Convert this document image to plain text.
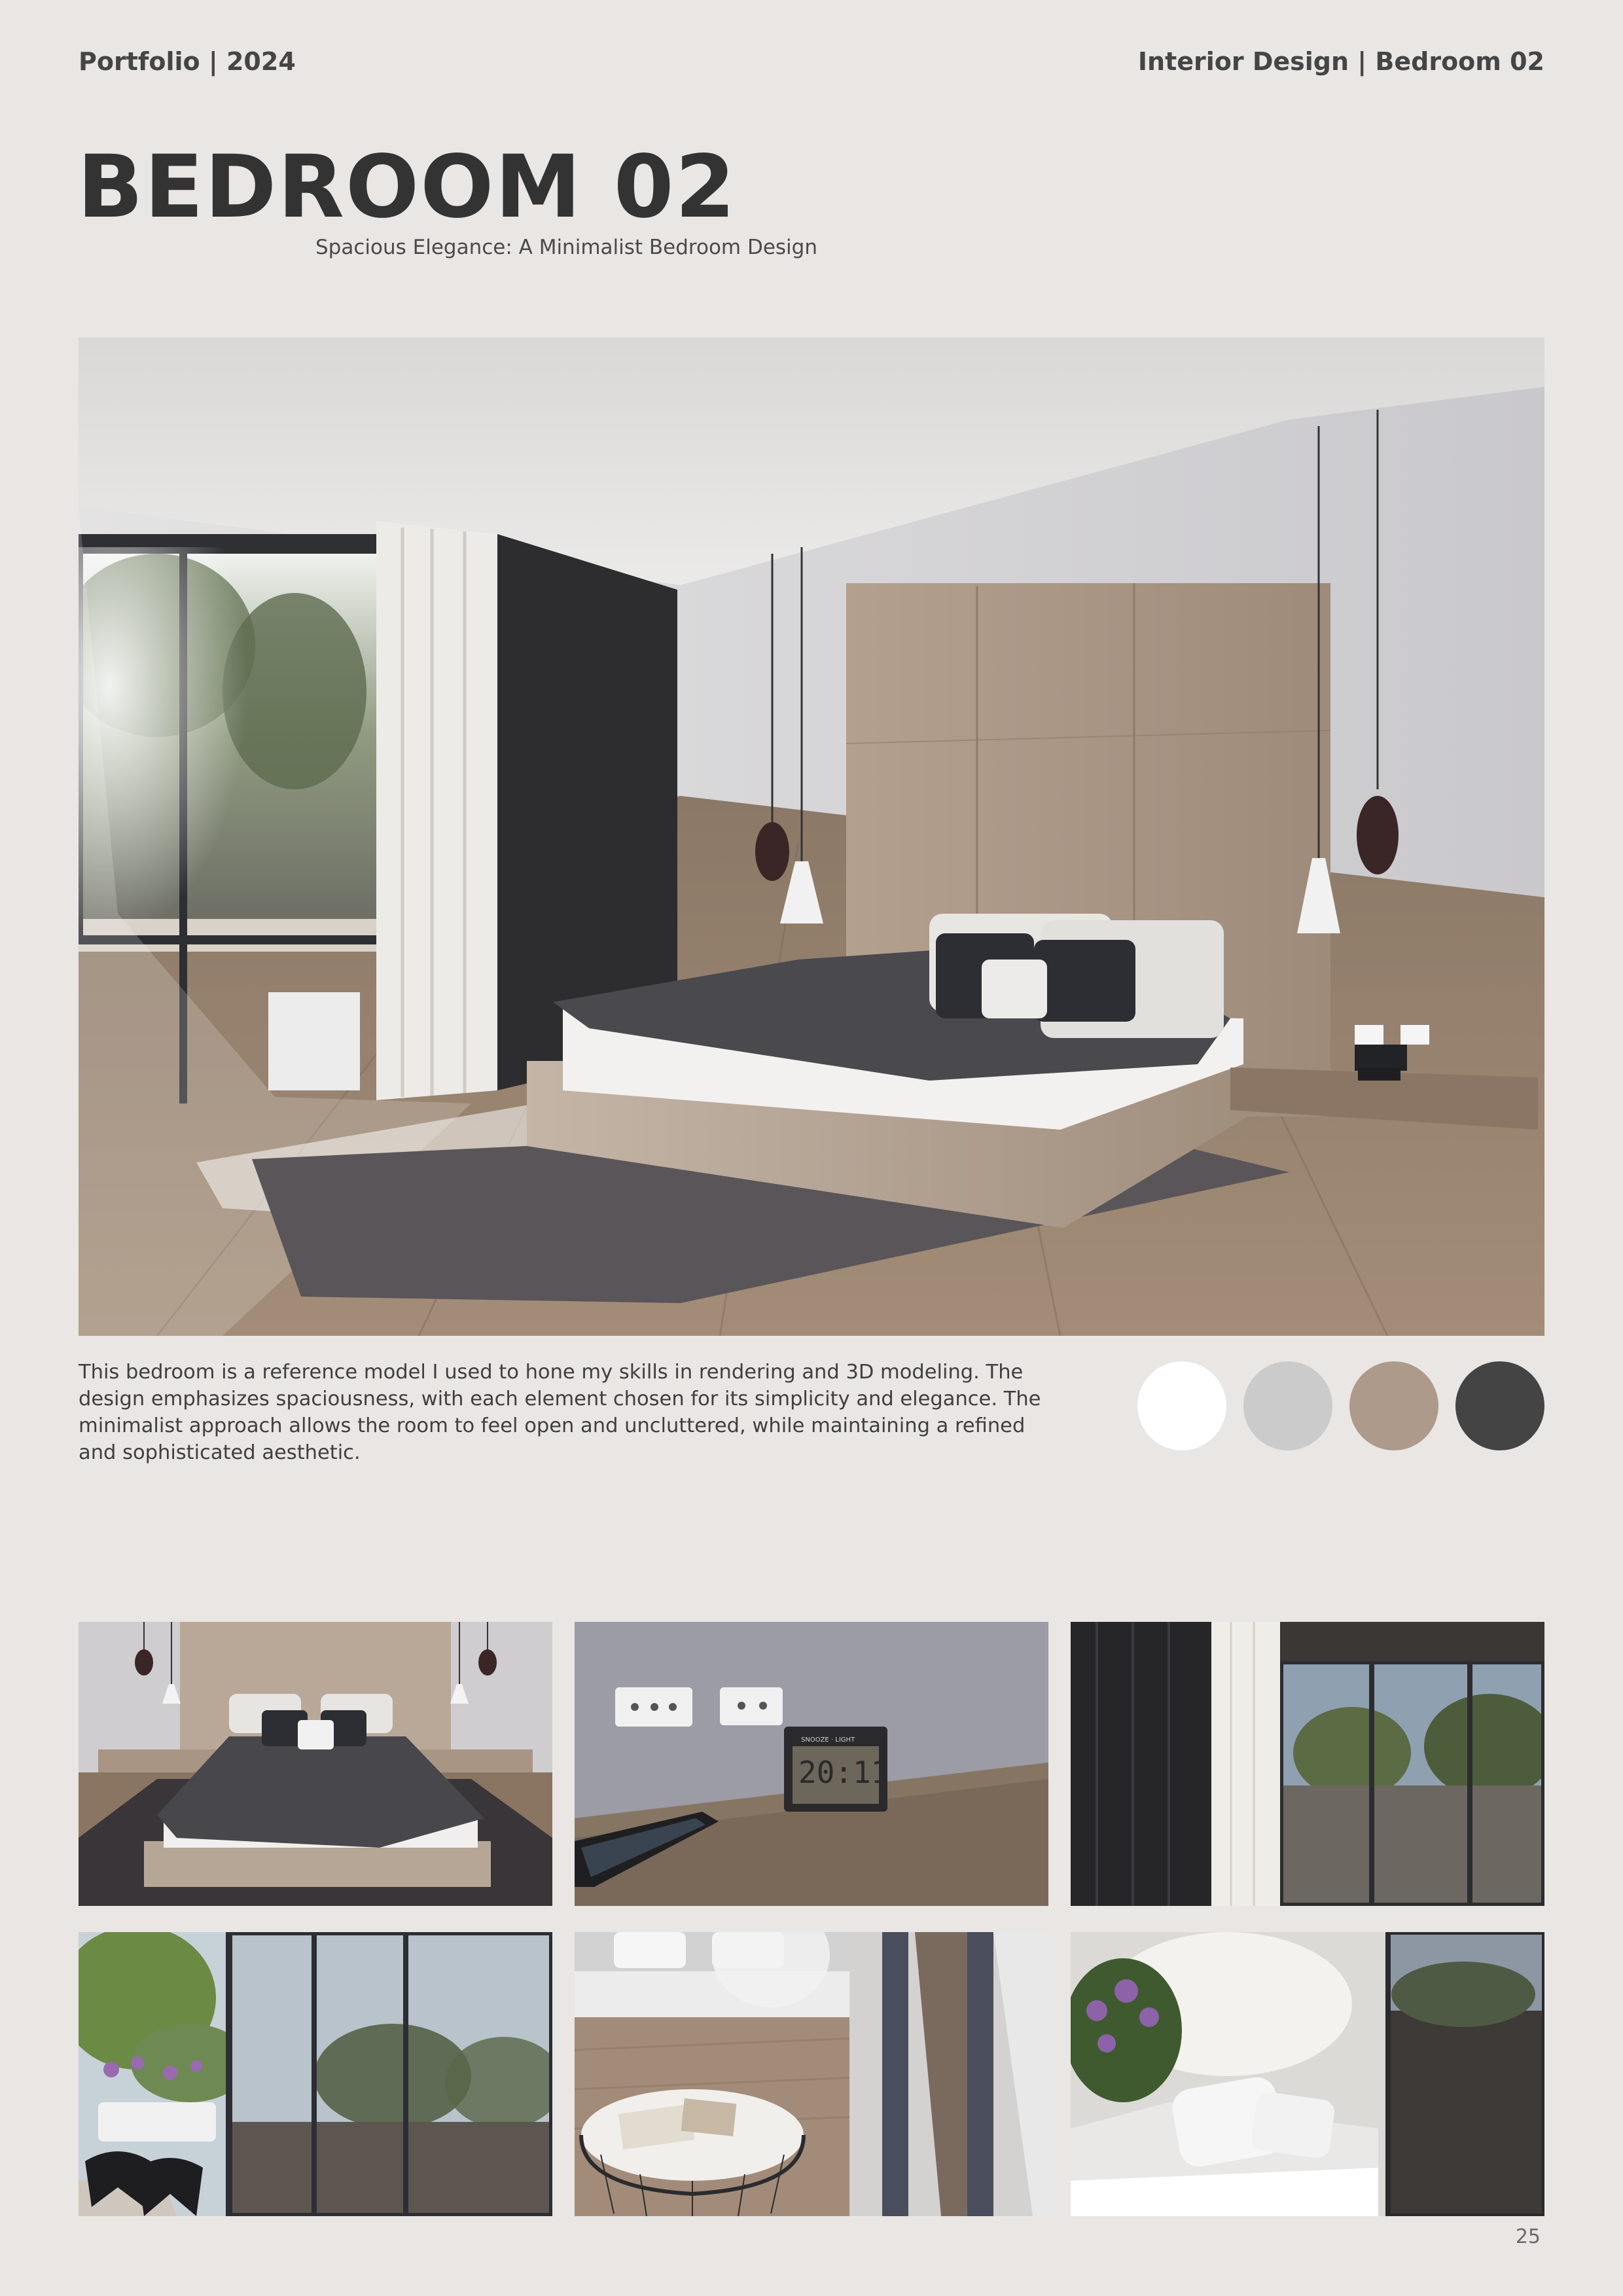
Portfolio | 2024	Interior Design | Bedroom 02
BEDROOM 02
Spacious Elegance: A Minimalist Bedroom Design

This bedroom is a reference model I used to hone my skills in rendering and 3D modeling. The design emphasizes spaciousness, with each element chosen for its simplicity and elegance. The minimalist approach allows the room to feel open and uncluttered, while maintaining a refined and sophisticated aesthetic.

SNOOZE · LIGHT
20:11
25
